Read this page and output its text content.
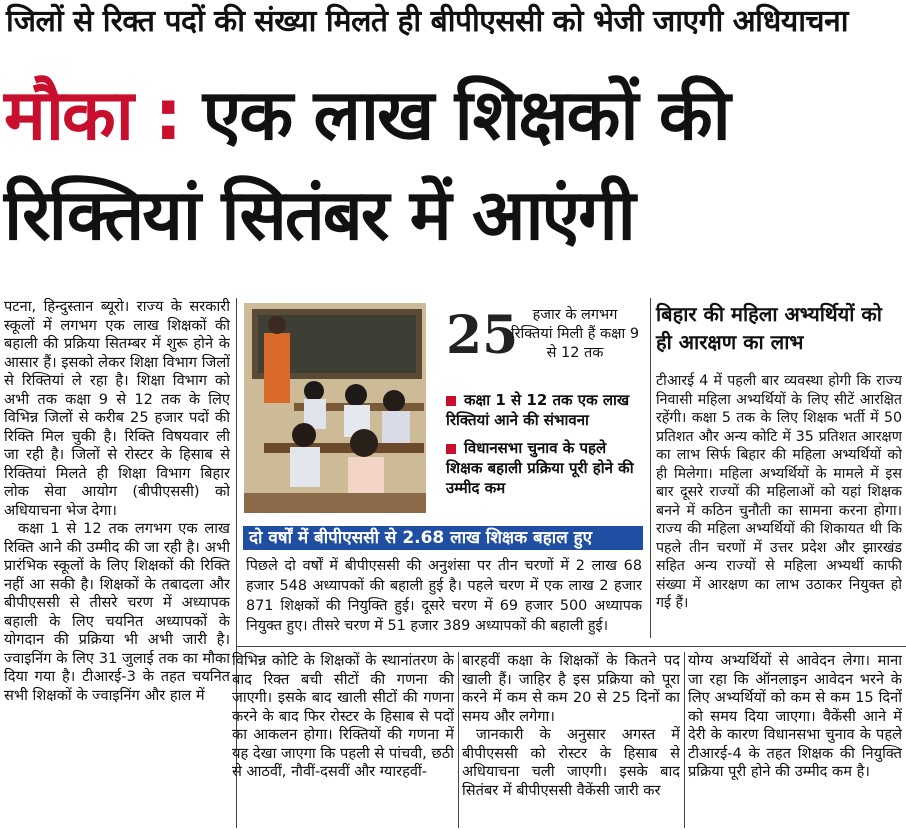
जिलों से रिक्त पदों की संख्या मिलते ही बीपीएससी को भेजी जाएगी अधियाचना
मौका : एक लाख शिक्षकों की
रिक्तियां सितंबर में आएंगी

पटना, हिन्दुस्तान ब्यूरो। राज्य के सरकारी स्कूलों में लगभग एक लाख शिक्षकों की बहाली की प्रक्रिया सितम्बर में शुरू होने के आसार हैं। इसको लेकर शिक्षा विभाग जिलों से रिक्तियां ले रहा है। शिक्षा विभाग को अभी तक कक्षा 9 से 12 तक के लिए विभिन्न जिलों से करीब 25 हजार पदों की रिक्ति मिल चुकी है। रिक्ति विषयवार ली जा रही है। जिलों से रोस्टर के हिसाब से रिक्तियां मिलते ही शिक्षा विभाग बिहार लोक सेवा आयोग (बीपीएससी) को अधियाचना भेज देगा।

कक्षा 1 से 12 तक लगभग एक लाख रिक्ति आने की उम्मीद की जा रही है। अभी प्रारंभिक स्कूलों के लिए शिक्षकों की रिक्ति नहीं आ सकी है। शिक्षकों के तबादला और बीपीएससी से तीसरे चरण में अध्यापक बहाली के लिए चयनित अध्यापकों के योगदान की प्रक्रिया भी अभी जारी है। ज्वाइनिंग के लिए 31 जुलाई तक का मौका दिया गया है। टीआरई-3 के तहत चयनित सभी शिक्षकों के ज्वाइनिंग और हाल में

25 हजार के लगभग रिक्तियां मिली हैं कक्षा 9 से 12 तक
कक्षा 1 से 12 तक एक लाख रिक्तियां आने की संभावना
विधानसभा चुनाव के पहले शिक्षक बहाली प्रक्रिया पूरी होने की उम्मीद कम
बिहार की महिला अभ्यर्थियों को ही आरक्षण का लाभ

टीआरई 4 में पहली बार व्यवस्था होगी कि राज्य निवासी महिला अभ्यर्थियों के लिए सीटें आरक्षित रहेंगी। कक्षा 5 तक के लिए शिक्षक भर्ती में 50 प्रतिशत और अन्य कोटि में 35 प्रतिशत आरक्षण का लाभ सिर्फ बिहार की महिला अभ्यर्थियों को ही मिलेगा। महिला अभ्यर्थियों के मामले में इस बार दूसरे राज्यों की महिलाओं को यहां शिक्षक बनने में कठिन चुनौती का सामना करना होगा। राज्य की महिला अभ्यर्थियों की शिकायत थी कि पहले तीन चरणों में उत्तर प्रदेश और झारखंड सहित अन्य राज्यों से महिला अभ्यर्थी काफी संख्या में आरक्षण का लाभ उठाकर नियुक्त हो गई हैं।

दो वर्षों में बीपीएससी से 2.68 लाख शिक्षक बहाल हुए

पिछले दो वर्षों में बीपीएससी की अनुशंसा पर तीन चरणों में 2 लाख 68 हजार 548 अध्यापकों की बहाली हुई है। पहले चरण में एक लाख 2 हजार 871 शिक्षकों की नियुक्ति हुई। दूसरे चरण में 69 हजार 500 अध्यापक नियुक्त हुए। तीसरे चरण में 51 हजार 389 अध्यापकों की बहाली हुई।

विभिन्न कोटि के शिक्षकों के स्थानांतरण के बाद रिक्त बची सीटों की गणना की जाएगी। इसके बाद खाली सीटों की गणना करने के बाद फिर रोस्टर के हिसाब से पदों का आकलन होगा। रिक्तियों की गणना में यह देखा जाएगा कि पहली से पांचवी, छठी से आठवीं, नौवीं-दसवीं और ग्यारहवीं-

बारहवीं कक्षा के शिक्षकों के कितने पद खाली हैं। जाहिर है इस प्रक्रिया को पूरा करने में कम से कम 20 से 25 दिनों का समय और लगेगा।

जानकारी के अनुसार अगस्त में बीपीएससी को रोस्टर के हिसाब से अधियाचना चली जाएगी। इसके बाद सितंबर में बीपीएससी वैकेंसी जारी कर

योग्य अभ्यर्थियों से आवेदन लेगा। माना जा रहा कि ऑनलाइन आवेदन भरने के लिए अभ्यर्थियों को कम से कम 15 दिनों को समय दिया जाएगा। वैकेंसी आने में देरी के कारण विधानसभा चुनाव के पहले टीआरई-4 के तहत शिक्षक की नियुक्ति प्रक्रिया पूरी होने की उम्मीद कम है।
